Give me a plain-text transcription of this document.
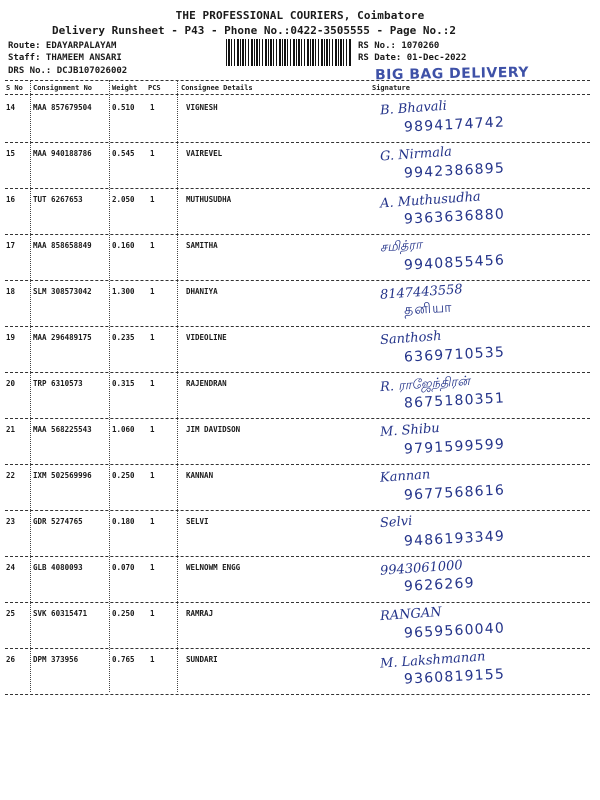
THE PROFESSIONAL COURIERS, Coimbatore
Delivery Runsheet - P43 - Phone No.:0422-3505555 - Page No.:2
Route: EDAYARPALAYAM
Staff: THAMEEM ANSARI
DRS No.: DCJB107026002
RS No.: 1070260
RS Date: 01-Dec-2022
BIG BAG DELIVERY
S No Consignment No	Weight PCS	Consignee Details	Signature
14 MAA 857679504	0.510 1	VIGNESH	B. Bhavali
9894174742
15 MAA 940188786	0.545 1	VAIREVEL	G. Nirmala
9942386895
16 TUT 6267653	2.050 1	MUTHUSUDHA	A. Muthusudha
9363636880
17 MAA 858658849	0.160 1	SAMITHA	சமித்ரா
9940855456
18 SLM 308573042	1.300 1	DHANIYA	8147443558
தனியா
19 MAA 296489175	0.235 1	VIDEOLINE	Santhosh
6369710535
20 TRP 6310573	0.315 1	RAJENDRAN	R. ராஜேந்திரன்
8675180351
21 MAA 568225543	1.060 1	JIM DAVIDSON	M. Shibu
9791599599
22 IXM 502569996	0.250 1	KANNAN	Kannan
9677568616
23 GDR 5274765	0.180 1	SELVI	Selvi
9486193349
24 GLB 4080093	0.070 1	WELNOWM ENGG	9943061000
9626269
25 SVK 60315471	0.250 1	RAMRAJ	RANGAN
9659560040
26 DPM 373956	0.765 1	SUNDARI	M. Lakshmanan
9360819155
